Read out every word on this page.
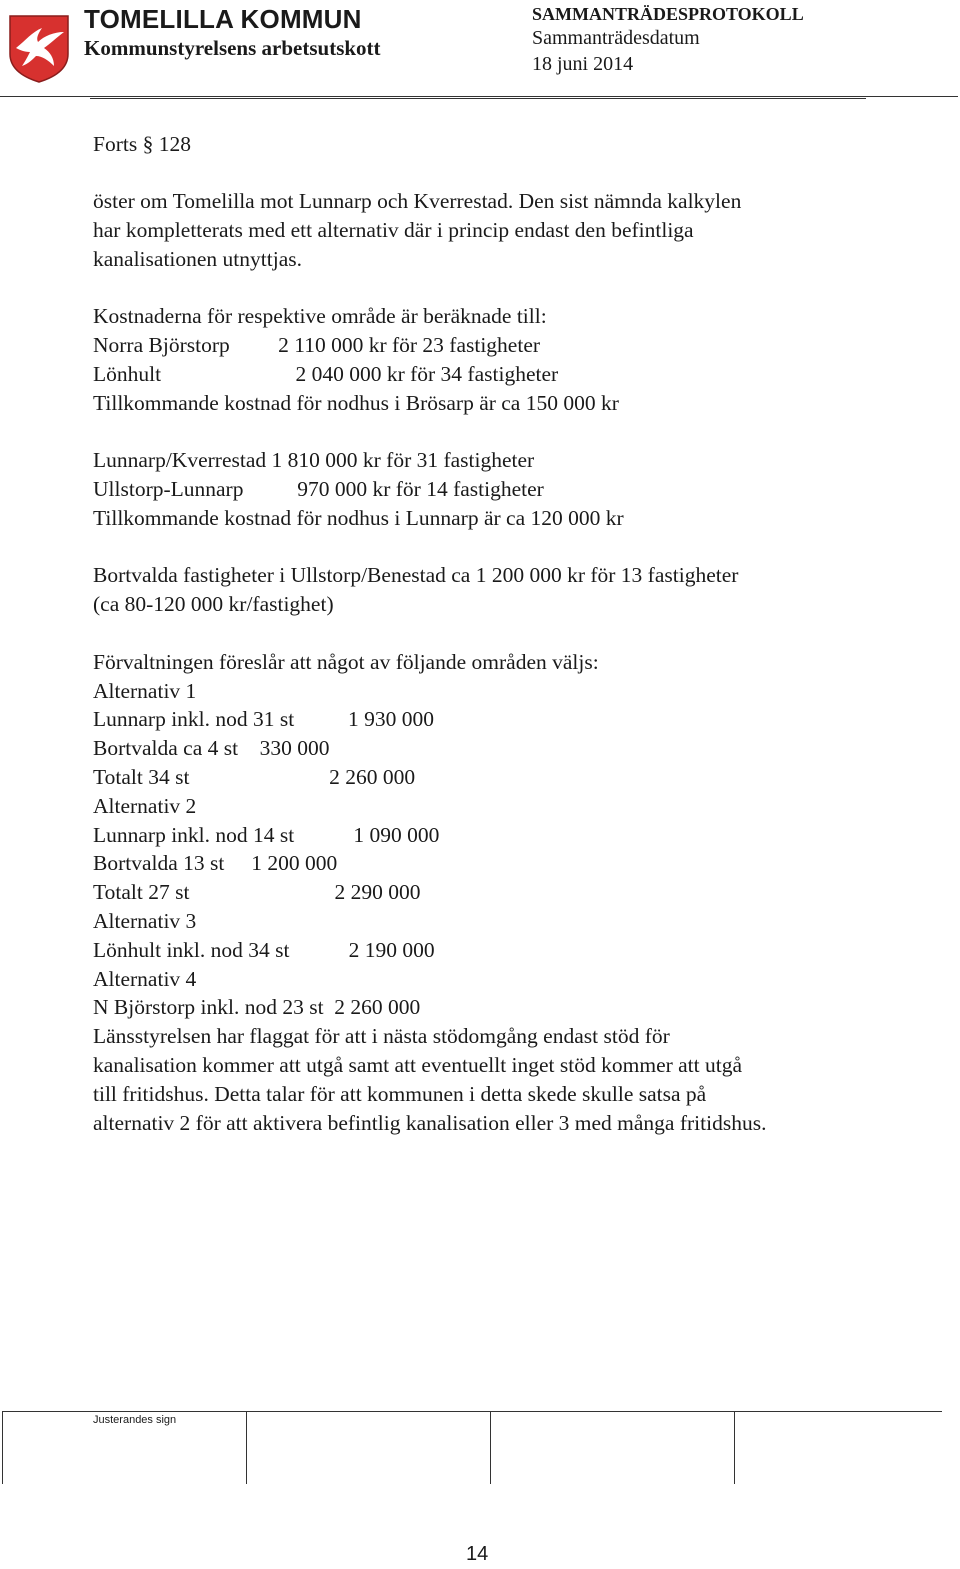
TOMELILLA KOMMUN
Kommunstyrelsens arbetsutskott
SAMMANTRÄDESPROTOKOLL
Sammanträdesdatum
18 juni 2014
Forts § 128
öster om Tomelilla mot Lunnarp och Kverrestad. Den sist nämnda kalkylen
har kompletterats med ett alternativ där i princip endast den befintliga
kanalisationen utnyttjas.
Kostnaderna för respektive område är beräknade till:
Norra Björstorp         2 110 000 kr för 23 fastigheter
Lönhult                         2 040 000 kr för 34 fastigheter
Tillkommande kostnad för nodhus i Brösarp är ca 150 000 kr
Lunnarp/Kverrestad 1 810 000 kr för 31 fastigheter
Ullstorp-Lunnarp          970 000 kr för 14 fastigheter
Tillkommande kostnad för nodhus i Lunnarp är ca 120 000 kr
Bortvalda fastigheter i Ullstorp/Benestad ca 1 200 000 kr för 13 fastigheter
(ca 80-120 000 kr/fastighet)
Förvaltningen föreslår att något av följande områden väljs:
Alternativ 1
Lunnarp inkl. nod 31 st          1 930 000
Bortvalda ca 4 st    330 000
Totalt 34 st                          2 260 000
Alternativ 2
Lunnarp inkl. nod 14 st           1 090 000
Bortvalda 13 st     1 200 000
Totalt 27 st                           2 290 000
Alternativ 3
Lönhult inkl. nod 34 st           2 190 000
Alternativ 4
N Björstorp inkl. nod 23 st  2 260 000
Länsstyrelsen har flaggat för att i nästa stödomgång endast stöd för
kanalisation kommer att utgå samt att eventuellt inget stöd kommer att utgå
till fritidshus. Detta talar för att kommunen i detta skede skulle satsa på
alternativ 2 för att aktivera befintlig kanalisation eller 3 med många fritidshus.
Justerandes sign
14
